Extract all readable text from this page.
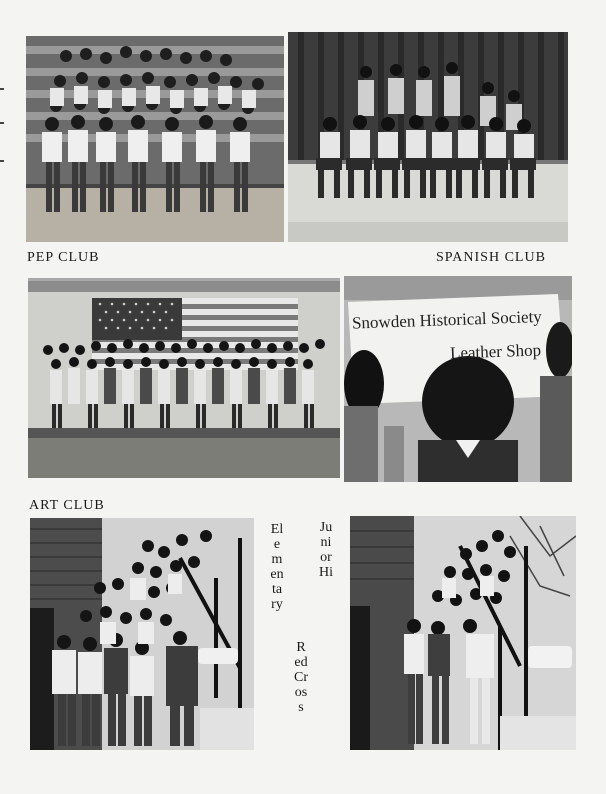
PEP CLUB	SPANISH CLUB
Snowden Historical Society
Leather Shop
ART CLUB
Elementary
Junior Hi
Red Cross
